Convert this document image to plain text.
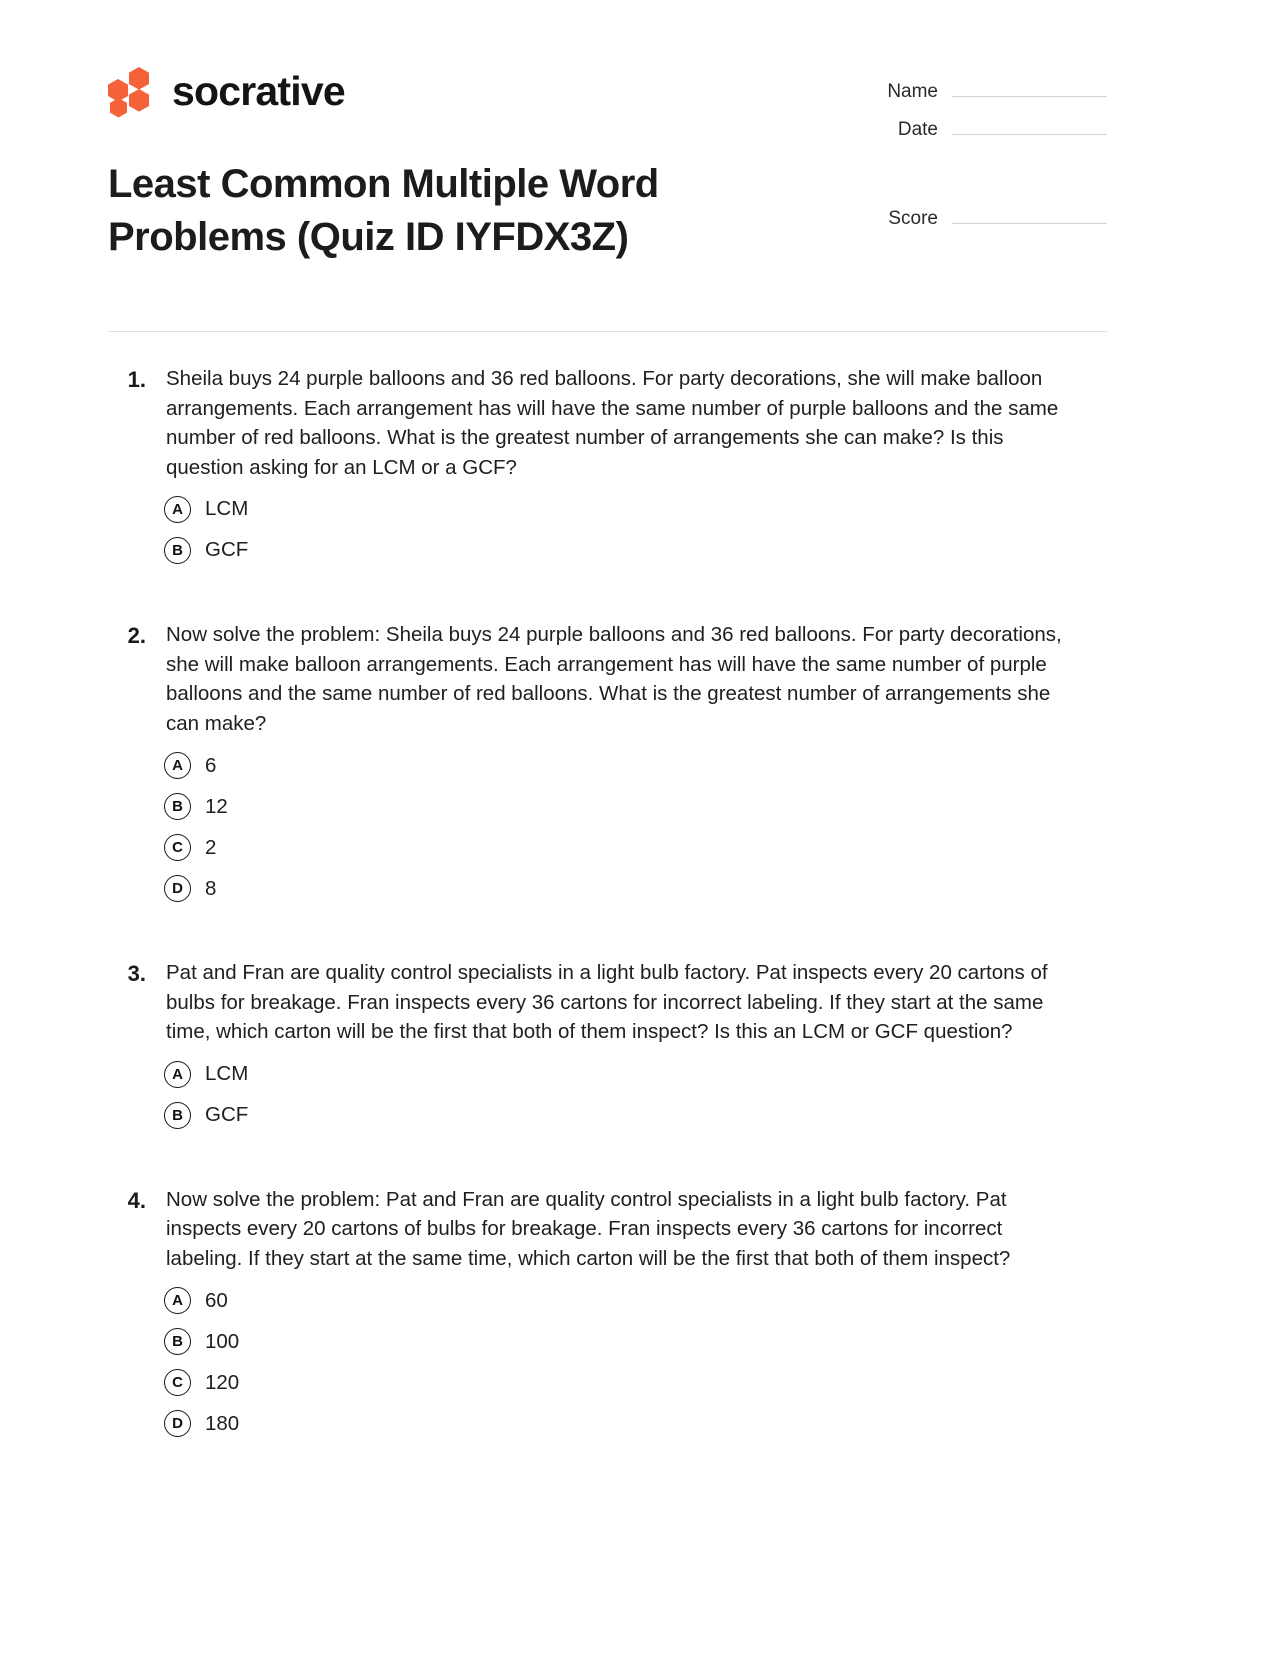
socrative
Least Common Multiple Word Problems (Quiz ID IYFDX3Z)
Name
Date
Score
1. Sheila buys 24 purple balloons and 36 red balloons. For party decorations, she will make balloon arrangements. Each arrangement has will have the same number of purple balloons and the same number of red balloons. What is the greatest number of arrangements she can make? Is this question asking for an LCM or a GCF?
A	LCM
B	GCF
2. Now solve the problem: Sheila buys 24 purple balloons and 36 red balloons. For party decorations, she will make balloon arrangements. Each arrangement has will have the same number of purple balloons and the same number of red balloons. What is the greatest number of arrangements she can make?
A	6
B	12
C	2
D	8
3. Pat and Fran are quality control specialists in a light bulb factory. Pat inspects every 20 cartons of bulbs for breakage. Fran inspects every 36 cartons for incorrect labeling. If they start at the same time, which carton will be the first that both of them inspect? Is this an LCM or GCF question?
A	LCM
B	GCF
4. Now solve the problem: Pat and Fran are quality control specialists in a light bulb factory. Pat inspects every 20 cartons of bulbs for breakage. Fran inspects every 36 cartons for incorrect labeling. If they start at the same time, which carton will be the first that both of them inspect?
A	60
B	100
C	120
D	180
